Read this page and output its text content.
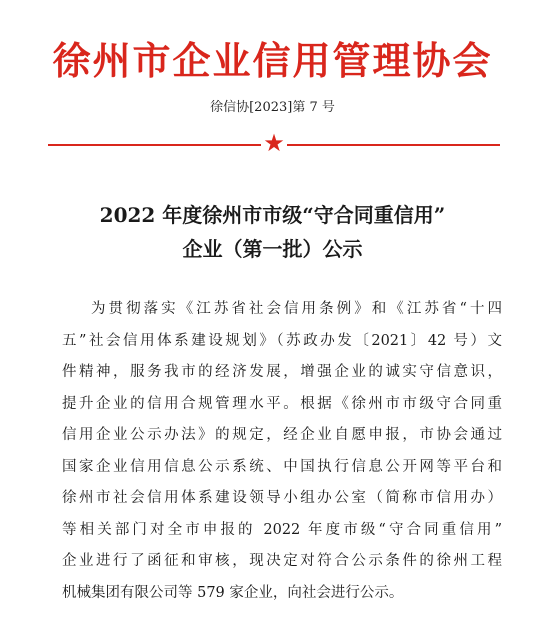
徐州市企业信用管理协会
徐信协[2023]第 7 号
★
2022 年度徐州市市级“守合同重信用”
企业（第一批）公示
为贯彻落实《江苏省社会信用条例》和《江苏省“十四
五”社会信用体系建设规划》（苏政办发〔2021〕42 号）文
件精神，服务我市的经济发展，增强企业的诚实守信意识，
提升企业的信用合规管理水平。根据《徐州市市级守合同重
信用企业公示办法》的规定，经企业自愿申报，市协会通过
国家企业信用信息公示系统、中国执行信息公开网等平台和
徐州市社会信用体系建设领导小组办公室（简称市信用办）
等相关部门对全市申报的 2022 年度市级“守合同重信用”
企业进行了函征和审核，现决定对符合公示条件的徐州工程
机械集团有限公司等 579 家企业，向社会进行公示。
